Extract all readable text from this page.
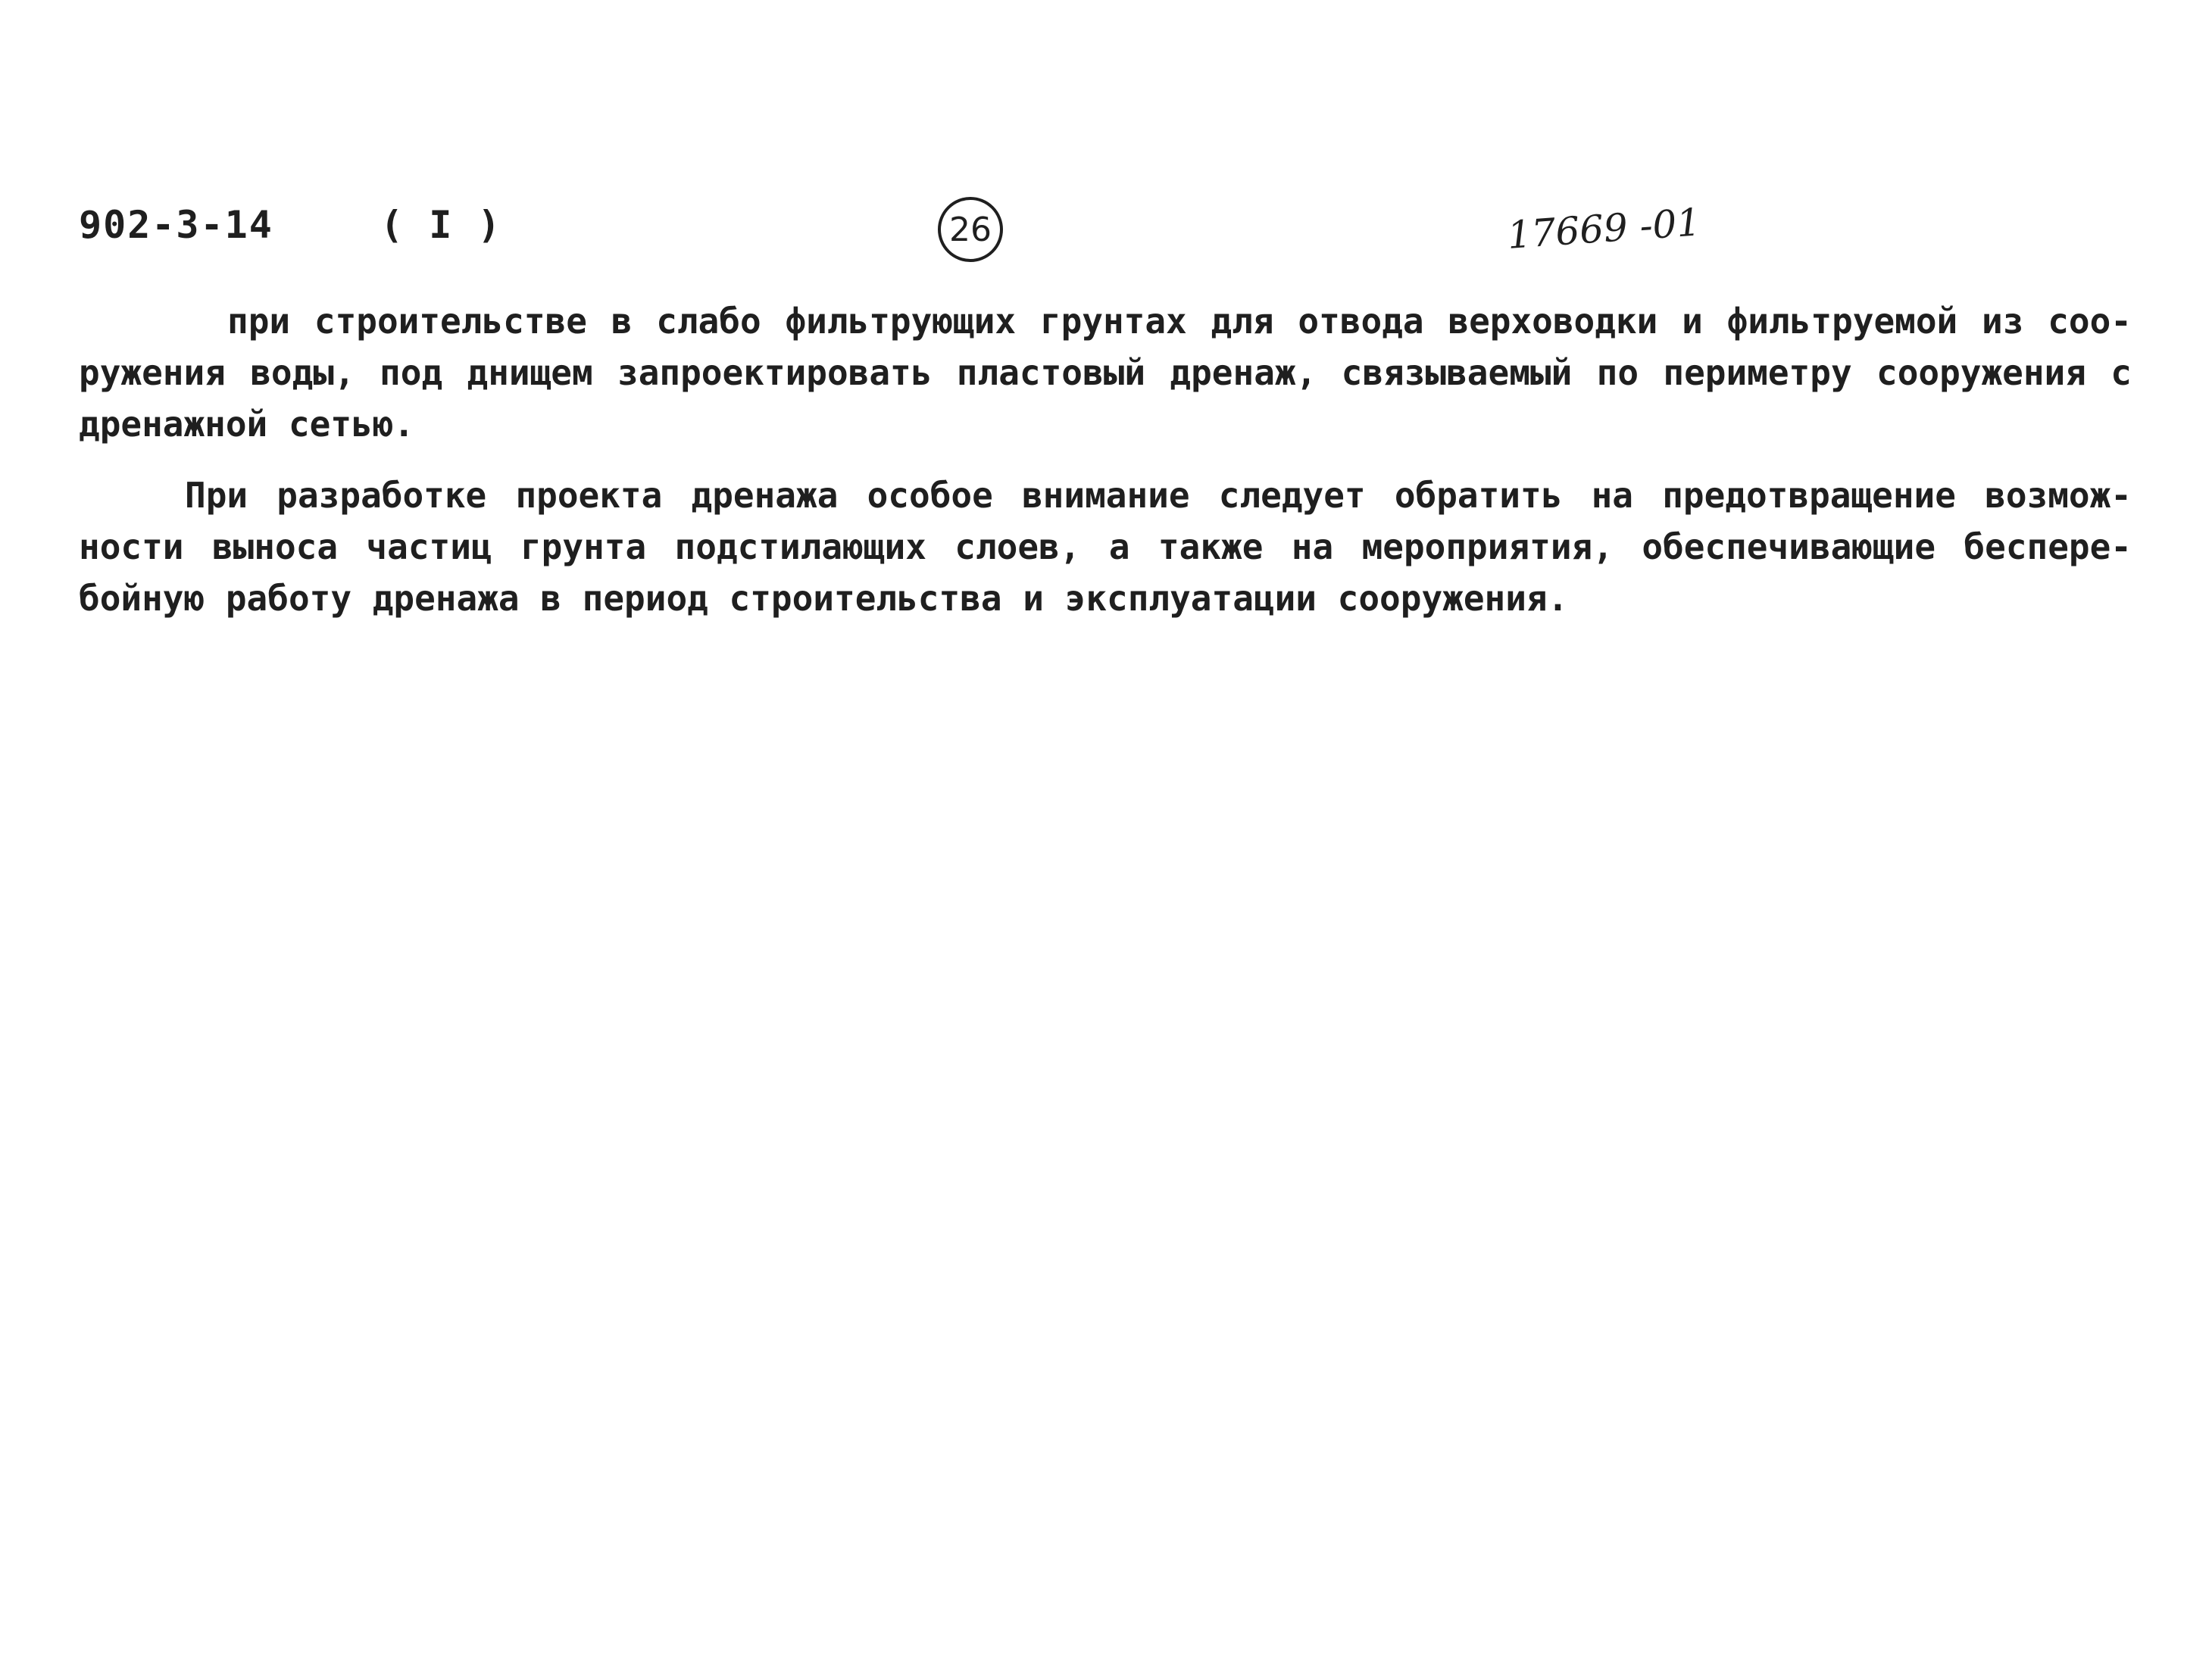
902-3-14	( I )	26	17669 -01
при строительстве в слабо фильтрующих грунтах для отвода верховодки и фильтруемой из соо-
ружения воды, под днищем запроектировать пластовый дренаж, связываемый по периметру сооружения с
дренажной сетью.
При разработке проекта дренажа особое внимание следует обратить на предотвращение возмож-
ности выноса частиц грунта подстилающих слоев, а также на мероприятия, обеспечивающие беспере-
бойную работу дренажа в период строительства и эксплуатации сооружения.
